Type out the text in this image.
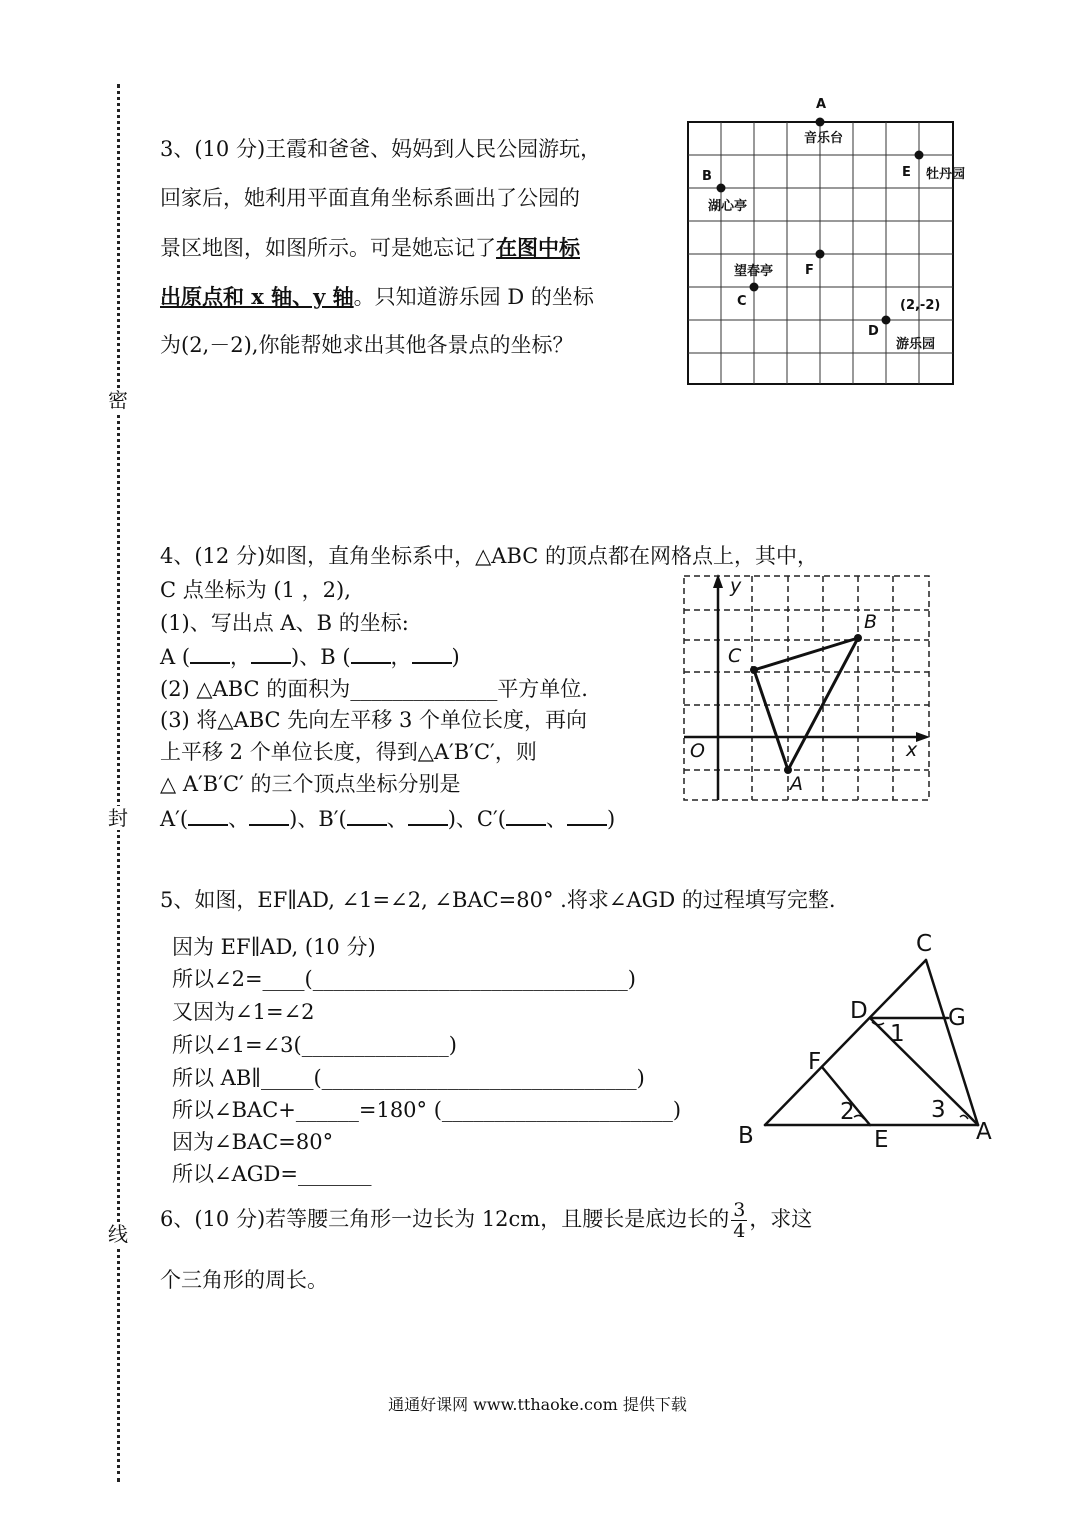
密
封
线
3、(10 分)王霞和爸爸、妈妈到人民公园游玩，
回家后，她利用平面直角坐标系画出了公园的
景区地图，如图所示。可是她忘记了在图中标
出原点和 x 轴、y 轴。只知道游乐园 D 的坐标
为(2,－2),你能帮她求出其他各景点的坐标？
A
音乐台
B
湖心亭
E 牡丹园
F
望春亭
C
D
游乐园
(2,-2)
4、(12 分)如图，直角坐标系中，△ABC 的顶点都在网格点上，其中，
C 点坐标为 (1 ，2),
(1)、写出点 A、B 的坐标:
A ( ， )、B ( ， )
(2) △ABC 的面积为______________平方单位.
(3) 将△ABC 先向左平移 3 个单位长度，再向
上平移 2 个单位长度，得到△A′B′C′，则
△ A′B′C′ 的三个顶点坐标分别是
A′( 、 )、B′( 、 )、C′( 、 )
y
x
O
C
B
A
5、如图，EF∥AD, ∠1=∠2, ∠BAC=80° .将求∠AGD 的过程填写完整.
因为 EF∥AD, (10 分)
所以∠2=____(______________________________)
又因为∠1=∠2
所以∠1=∠3(______________)
所以 AB∥_____(______________________________)
所以∠BAC+______=180° (______________________)
因为∠BAC=80°
所以∠AGD=_______
C
D	G
F
B	E	A
1
2	3
6、(10 分)若等腰三角形一边长为 12cm，且腰长是底边长的 $\frac{3}{4}$ ，求这
个三角形的周长。
通通好课网 www.tthaoke.com 提供下载
